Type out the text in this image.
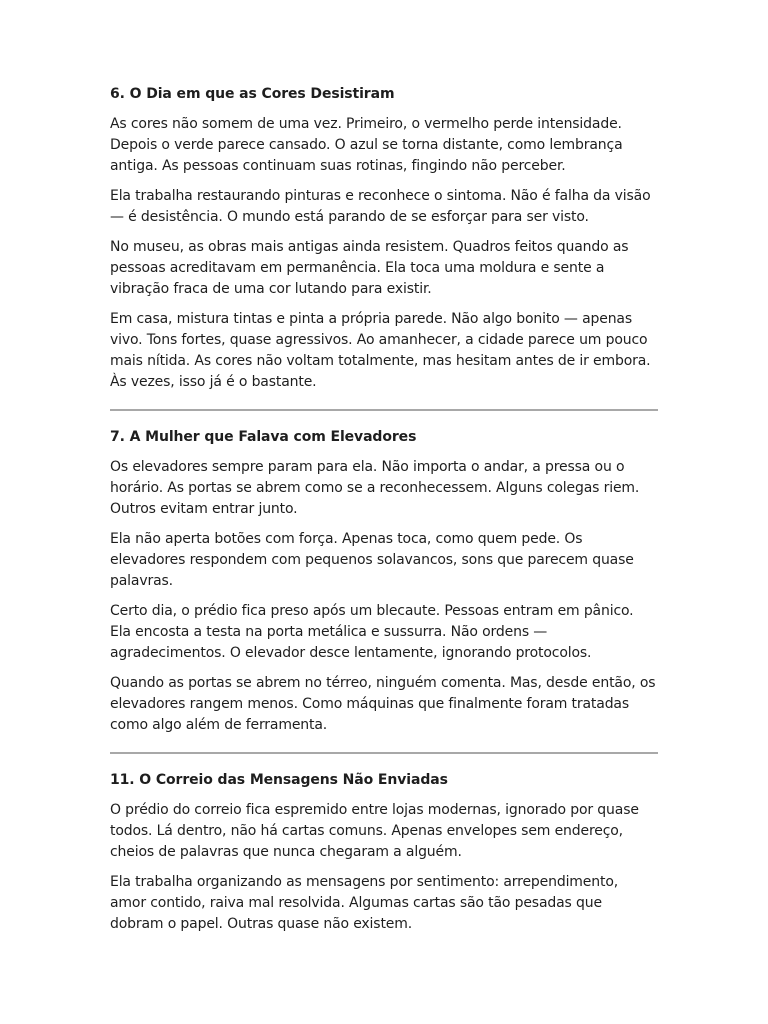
6. O Dia em que as Cores Desistiram

As cores não somem de uma vez. Primeiro, o vermelho perde intensidade. Depois o verde parece cansado. O azul se torna distante, como lembrança antiga. As pessoas continuam suas rotinas, fingindo não perceber.

Ela trabalha restaurando pinturas e reconhece o sintoma. Não é falha da visão — é desistência. O mundo está parando de se esforçar para ser visto.

No museu, as obras mais antigas ainda resistem. Quadros feitos quando as pessoas acreditavam em permanência. Ela toca uma moldura e sente a vibração fraca de uma cor lutando para existir.

Em casa, mistura tintas e pinta a própria parede. Não algo bonito — apenas vivo. Tons fortes, quase agressivos. Ao amanhecer, a cidade parece um pouco mais nítida. As cores não voltam totalmente, mas hesitam antes de ir embora. Às vezes, isso já é o bastante.

7. A Mulher que Falava com Elevadores

Os elevadores sempre param para ela. Não importa o andar, a pressa ou o horário. As portas se abrem como se a reconhecessem. Alguns colegas riem. Outros evitam entrar junto.

Ela não aperta botões com força. Apenas toca, como quem pede. Os elevadores respondem com pequenos solavancos, sons que parecem quase palavras.

Certo dia, o prédio fica preso após um blecaute. Pessoas entram em pânico. Ela encosta a testa na porta metálica e sussurra. Não ordens — agradecimentos. O elevador desce lentamente, ignorando protocolos.

Quando as portas se abrem no térreo, ninguém comenta. Mas, desde então, os elevadores rangem menos. Como máquinas que finalmente foram tratadas como algo além de ferramenta.

11. O Correio das Mensagens Não Enviadas

O prédio do correio fica espremido entre lojas modernas, ignorado por quase todos. Lá dentro, não há cartas comuns. Apenas envelopes sem endereço, cheios de palavras que nunca chegaram a alguém.

Ela trabalha organizando as mensagens por sentimento: arrependimento, amor contido, raiva mal resolvida. Algumas cartas são tão pesadas que dobram o papel. Outras quase não existem.
